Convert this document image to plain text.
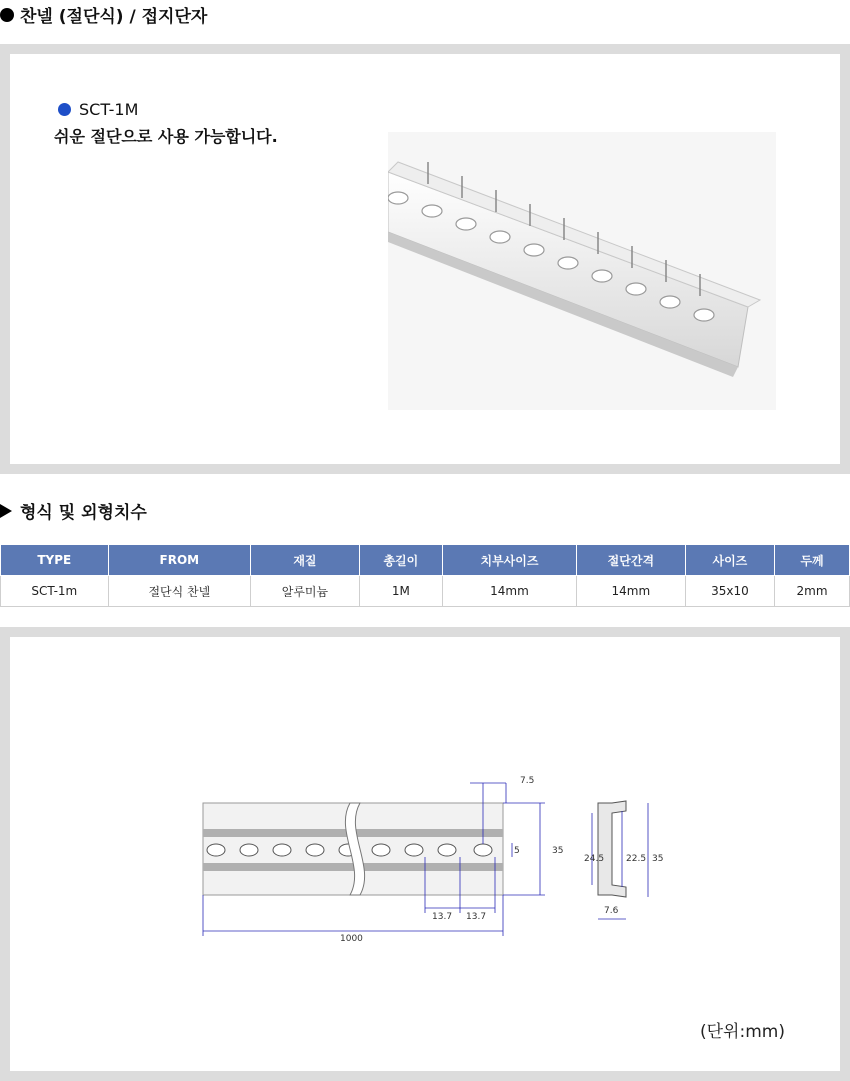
찬넬 (절단식) / 접지단자
SCT-1M
쉬운 절단으로 사용 가능합니다.
형식 및 외형치수
TYPE	FROM	재질	총길이	치부사이즈	절단간격	사이즈	두께
SCT-1m	절단식 찬넬	알루미늄	1M	14mm	14mm	35x10	2mm
7.5
5	35
13.7 13.7
1000
24.5 22.5 35
7.6
(단위:mm)
